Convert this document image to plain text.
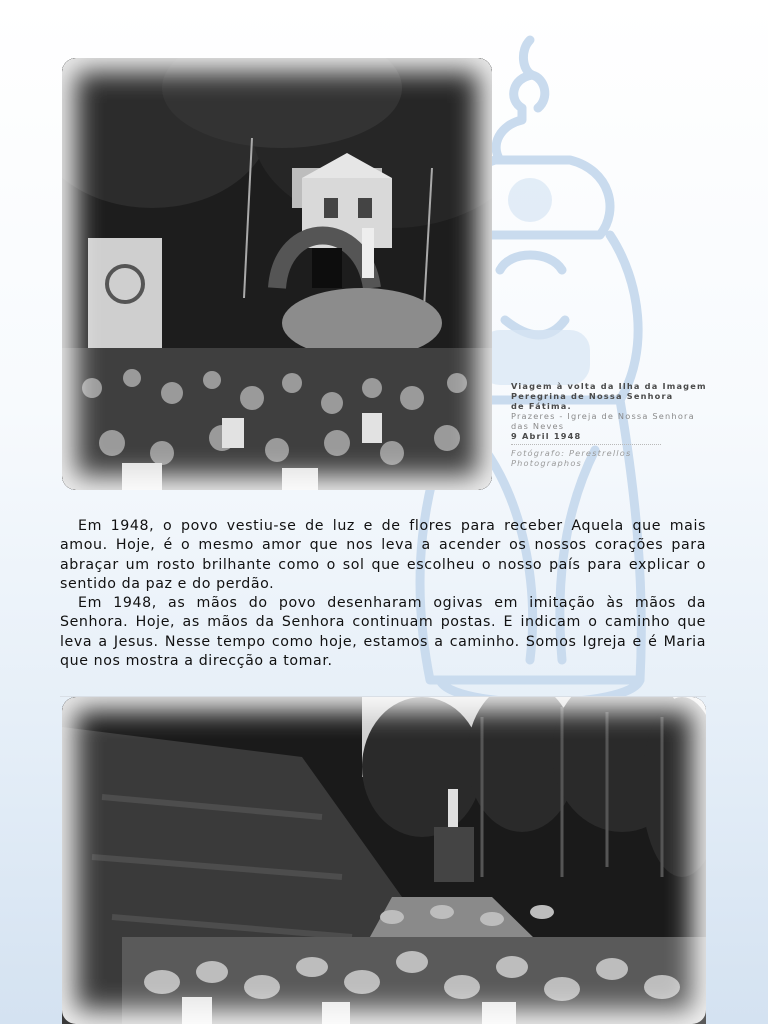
Viagem à volta da Ilha da Imagem
Peregrina de Nossa Senhora
de Fátima.
Prazeres - Igreja de Nossa Senhora
das Neves
9 Abril 1948
Fotógrafo: Perestrellos
Photographos

Em 1948, o povo vestiu-se de luz e de flores para receber Aquela que mais amou. Hoje, é o mesmo amor que nos leva a acender os nossos corações para abraçar um rosto brilhante como o sol que escolheu o nosso país para explicar o sentido da paz e do perdão.

Em 1948, as mãos do povo desenharam ogivas em imitação às mãos da Senhora. Hoje, as mãos da Senhora continuam postas. E indicam o caminho que leva a Jesus. Nesse tempo como hoje, estamos a caminho. Somos Igreja e é Maria que nos mostra a direcção a tomar.
